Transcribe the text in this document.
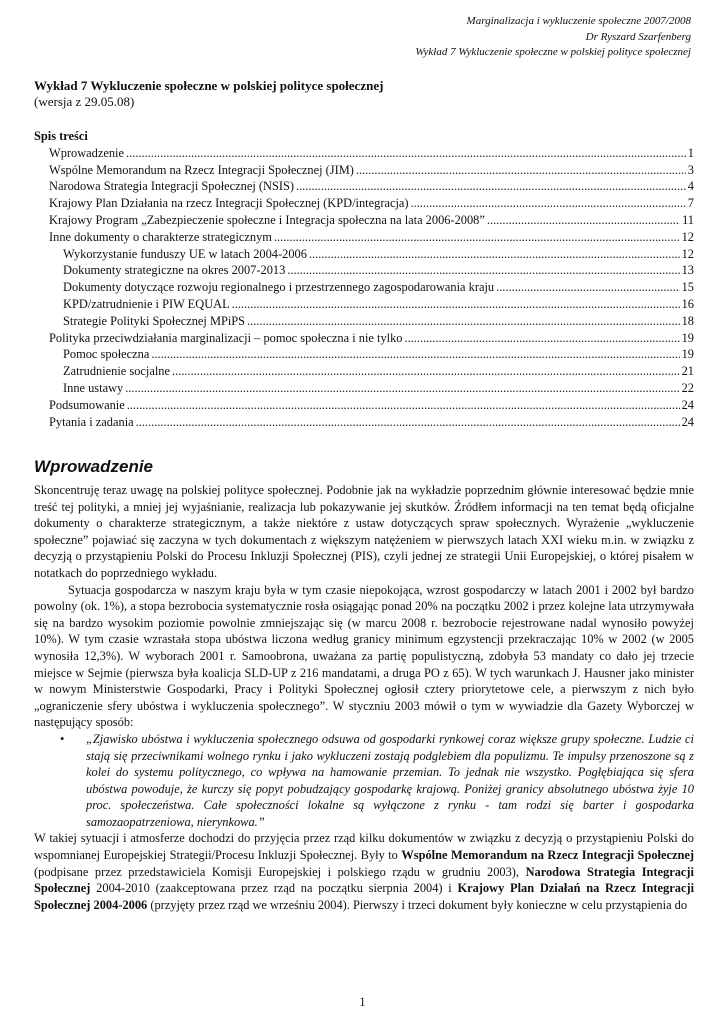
Marginalizacja i wykluczenie społeczne 2007/2008
Dr Ryszard Szarfenberg
Wykład 7 Wykluczenie społeczne w polskiej polityce społecznej
Wykład 7 Wykluczenie społeczne w polskiej polityce społecznej
(wersja z 29.05.08)
Spis treści
Wprowadzenie .....	1
Wspólne Memorandum na Rzecz Integracji Społecznej (JIM) .....	3
Narodowa Strategia Integracji Społecznej (NSIS) .....	4
Krajowy Plan Działania na rzecz Integracji Społecznej (KPD/integracja) .....	7
Krajowy Program „Zabezpieczenie społeczne i Integracja społeczna na lata 2006-2008” .....	11
Inne dokumenty o charakterze strategicznym .....	12
Wykorzystanie funduszy UE w latach 2004-2006 .....	12
Dokumenty strategiczne na okres 2007-2013 .....	13
Dokumenty dotyczące rozwoju regionalnego i przestrzennego zagospodarowania kraju .....	15
KPD/zatrudnienie i PIW EQUAL .....	16
Strategie Polityki Społecznej MPiPS .....	18
Polityka przeciwdziałania marginalizacji – pomoc społeczna i nie tylko .....	19
Pomoc społeczna .....	19
Zatrudnienie socjalne .....	21
Inne ustawy .....	22
Podsumowanie .....	24
Pytania i zadania .....	24
Wprowadzenie

Skoncentruję teraz uwagę na polskiej polityce społecznej. Podobnie jak na wykładzie poprzednim głównie interesować będzie mnie treść tej polityki, a mniej jej wyjaśnianie, realizacja lub pokazywanie jej skutków. Źródłem informacji na ten temat będą oficjalne dokumenty o charakterze strategicznym, a także niektóre z ustaw dotyczących spraw społecznych. Wyrażenie „wykluczenie społeczne” pojawiać się zaczyna w tych dokumentach z większym natężeniem w pierwszych latach XXI wieku m.in. w związku z decyzją o przystąpieniu Polski do Procesu Inkluzji Społecznej (PIS), czyli jednej ze strategii Unii Europejskiej, o której pisałem w notatkach do poprzedniego wykładu.

Sytuacja gospodarcza w naszym kraju była w tym czasie niepokojąca, wzrost gospodarczy w latach 2001 i 2002 był bardzo powolny (ok. 1%), a stopa bezrobocia systematycznie rosła osiągając ponad 20% na początku 2002 i przez kolejne lata utrzymywała się na bardzo wysokim poziomie powolnie zmniejszając się (w marcu 2008 r. bezrobocie rejestrowane nadal wynosiło powyżej 10%). W tym czasie wzrastała stopa ubóstwa liczona według granicy minimum egzystencji przekraczając 10% w 2002 (w 2005 wynosiła 12,3%). W wyborach 2001 r. Samoobrona, uważana za partię populistyczną, zdobyła 53 mandaty co dało jej trzecie miejsce w Sejmie (pierwsza była koalicja SLD-UP z 216 mandatami, a druga PO z 65). W tych warunkach J. Hausner jako minister w nowym Ministerstwie Gospodarki, Pracy i Polityki Społecznej ogłosił cztery priorytetowe cele, a pierwszym z nich było „ograniczenie sfery ubóstwa i wykluczenia społecznego”. W styczniu 2003 mówił o tym w wywiadzie dla Gazety Wyborczej w następujący sposób:

• „Zjawisko ubóstwa i wykluczenia społecznego odsuwa od gospodarki rynkowej coraz większe grupy społeczne. Ludzie ci stają się przeciwnikami wolnego rynku i jako wykluczeni zostają podglebiem dla populizmu. Te impulsy przenoszone są z kolei do systemu politycznego, co wpływa na hamowanie przemian. To jednak nie wszystko. Pogłębiająca się sfera ubóstwa powoduje, że kurczy się popyt pobudzający gospodarkę krajową. Poniżej granicy absolutnego ubóstwa żyje 10 proc. społeczeństwa. Całe społeczności lokalne są wyłączone z rynku - tam rodzi się barter i gospodarka samozaopatrzeniowa, nierynkowa.”

W takiej sytuacji i atmosferze dochodzi do przyjęcia przez rząd kilku dokumentów w związku z decyzją o przystąpieniu Polski do wspomnianej Europejskiej Strategii/Procesu Inkluzji Społecznej. Były to Wspólne Memorandum na Rzecz Integracji Społecznej (podpisane przez przedstawiciela Komisji Europejskiej i polskiego rządu w grudniu 2003), Narodowa Strategia Integracji Społecznej 2004-2010 (zaakceptowana przez rząd na początku sierpnia 2004) i Krajowy Plan Działań na Rzecz Integracji Społecznej 2004-2006 (przyjęty przez rząd we wrześniu 2004). Pierwszy i trzeci dokument były konieczne w celu przystąpienia do

1
